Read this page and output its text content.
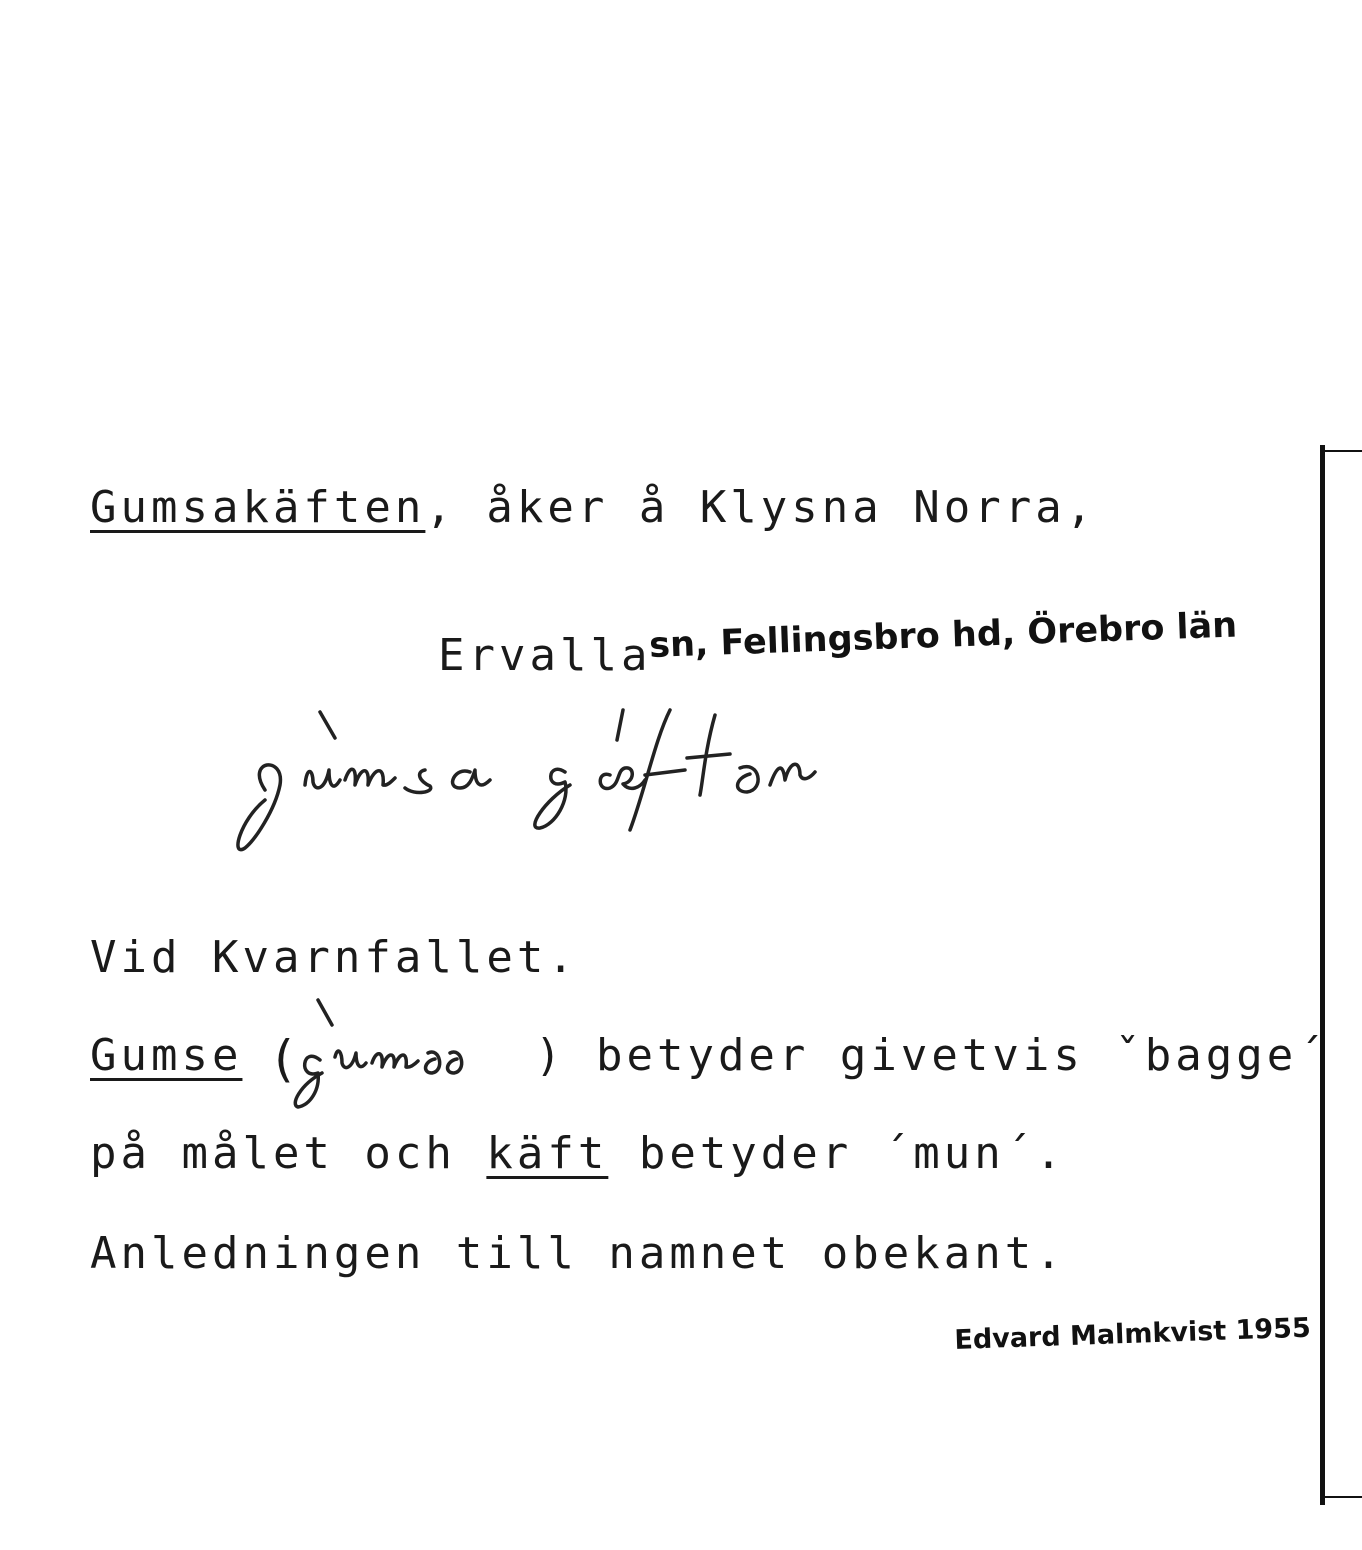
Gumsakäften, åker å Klysna Norra,
Ervalla
sn, Fellingsbro hd, Örebro län
Vid Kvarnfallet.
Gumse (	) betyder givetvis ˇbagge´
på målet och käft betyder ´mun´.
Anledningen till namnet obekant.
Edvard Malmkvist 1955
